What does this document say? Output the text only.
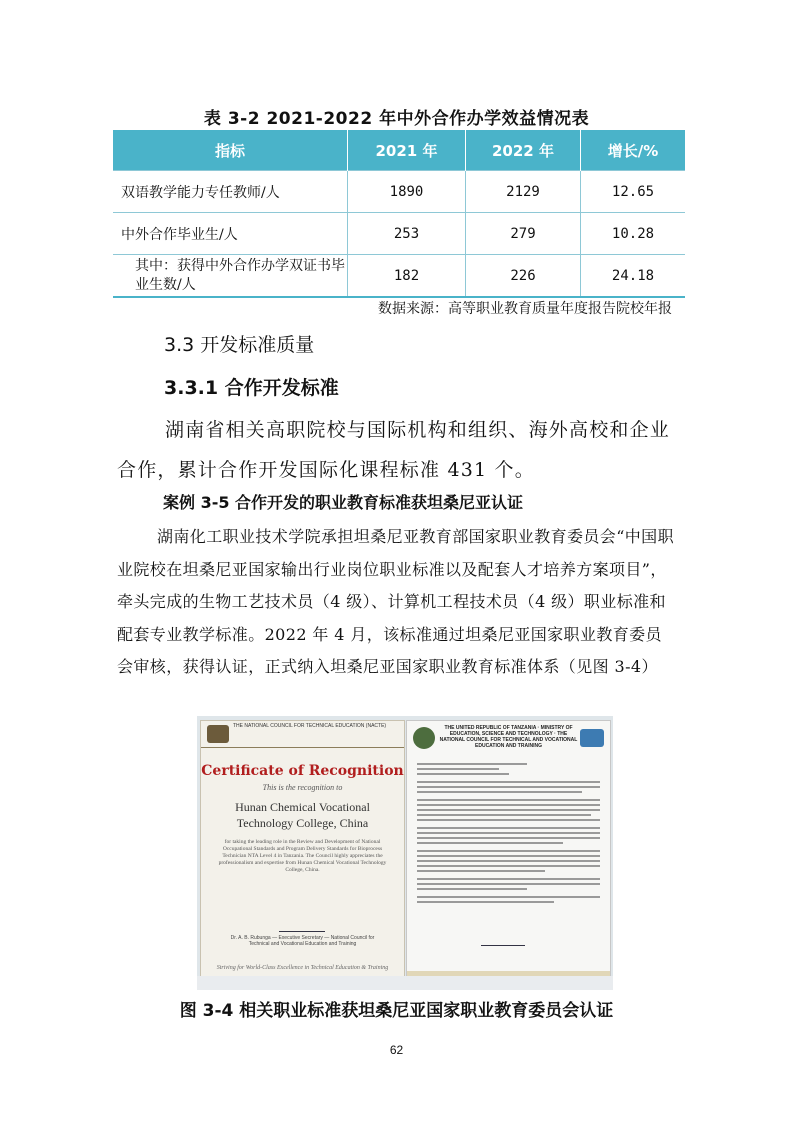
表 3-2 2021-2022 年中外合作办学效益情况表
指标	2021 年	2022 年	增长/%
双语教学能力专任教师/人	1890	2129	12.65
中外合作毕业生/人	253	279	10.28
其中：获得中外合作办学双证书毕业生数/人	182	226	24.18
数据来源：高等职业教育质量年度报告院校年报
3.3 开发标准质量
3.3.1 合作开发标准

湖南省相关高职院校与国际机构和组织、海外高校和企业合作，累计合作开发国际化课程标准 431 个。

案例 3-5 合作开发的职业教育标准获坦桑尼亚认证

湖南化工职业技术学院承担坦桑尼亚教育部国家职业教育委员会“中国职业院校在坦桑尼亚国家输出行业岗位职业标准以及配套人才培养方案项目”，牵头完成的生物工艺技术员（4 级）、计算机工程技术员（4 级）职业标准和配套专业教学标准。2022 年 4 月，该标准通过坦桑尼亚国家职业教育委员会审核，获得认证，正式纳入坦桑尼亚国家职业教育标准体系（见图 3-4）

THE NATIONAL COUNCIL FOR TECHNICAL EDUCATION (NACTE)
Certificate of Recognition
This is the recognition to
Hunan Chemical Vocational
Technology College, China
for taking the leading role in the Review and Development of National Occupational Standards and Program Delivery Standards for Bioprocess Technician NTA Level 4 in Tanzania. The Council highly appreciates the professionalism and expertise from Hunan Chemical Vocational Technology College, China.
Dr. A. B. Rubunga — Executive Secretary — National Council for Technical and Vocational Education and Training
Striving for World-Class Excellence in Technical Education & Training
THE UNITED REPUBLIC OF TANZANIA · MINISTRY OF EDUCATION, SCIENCE AND TECHNOLOGY · THE NATIONAL COUNCIL FOR TECHNICAL AND VOCATIONAL EDUCATION AND TRAINING
图 3-4 相关职业标准获坦桑尼亚国家职业教育委员会认证
62
